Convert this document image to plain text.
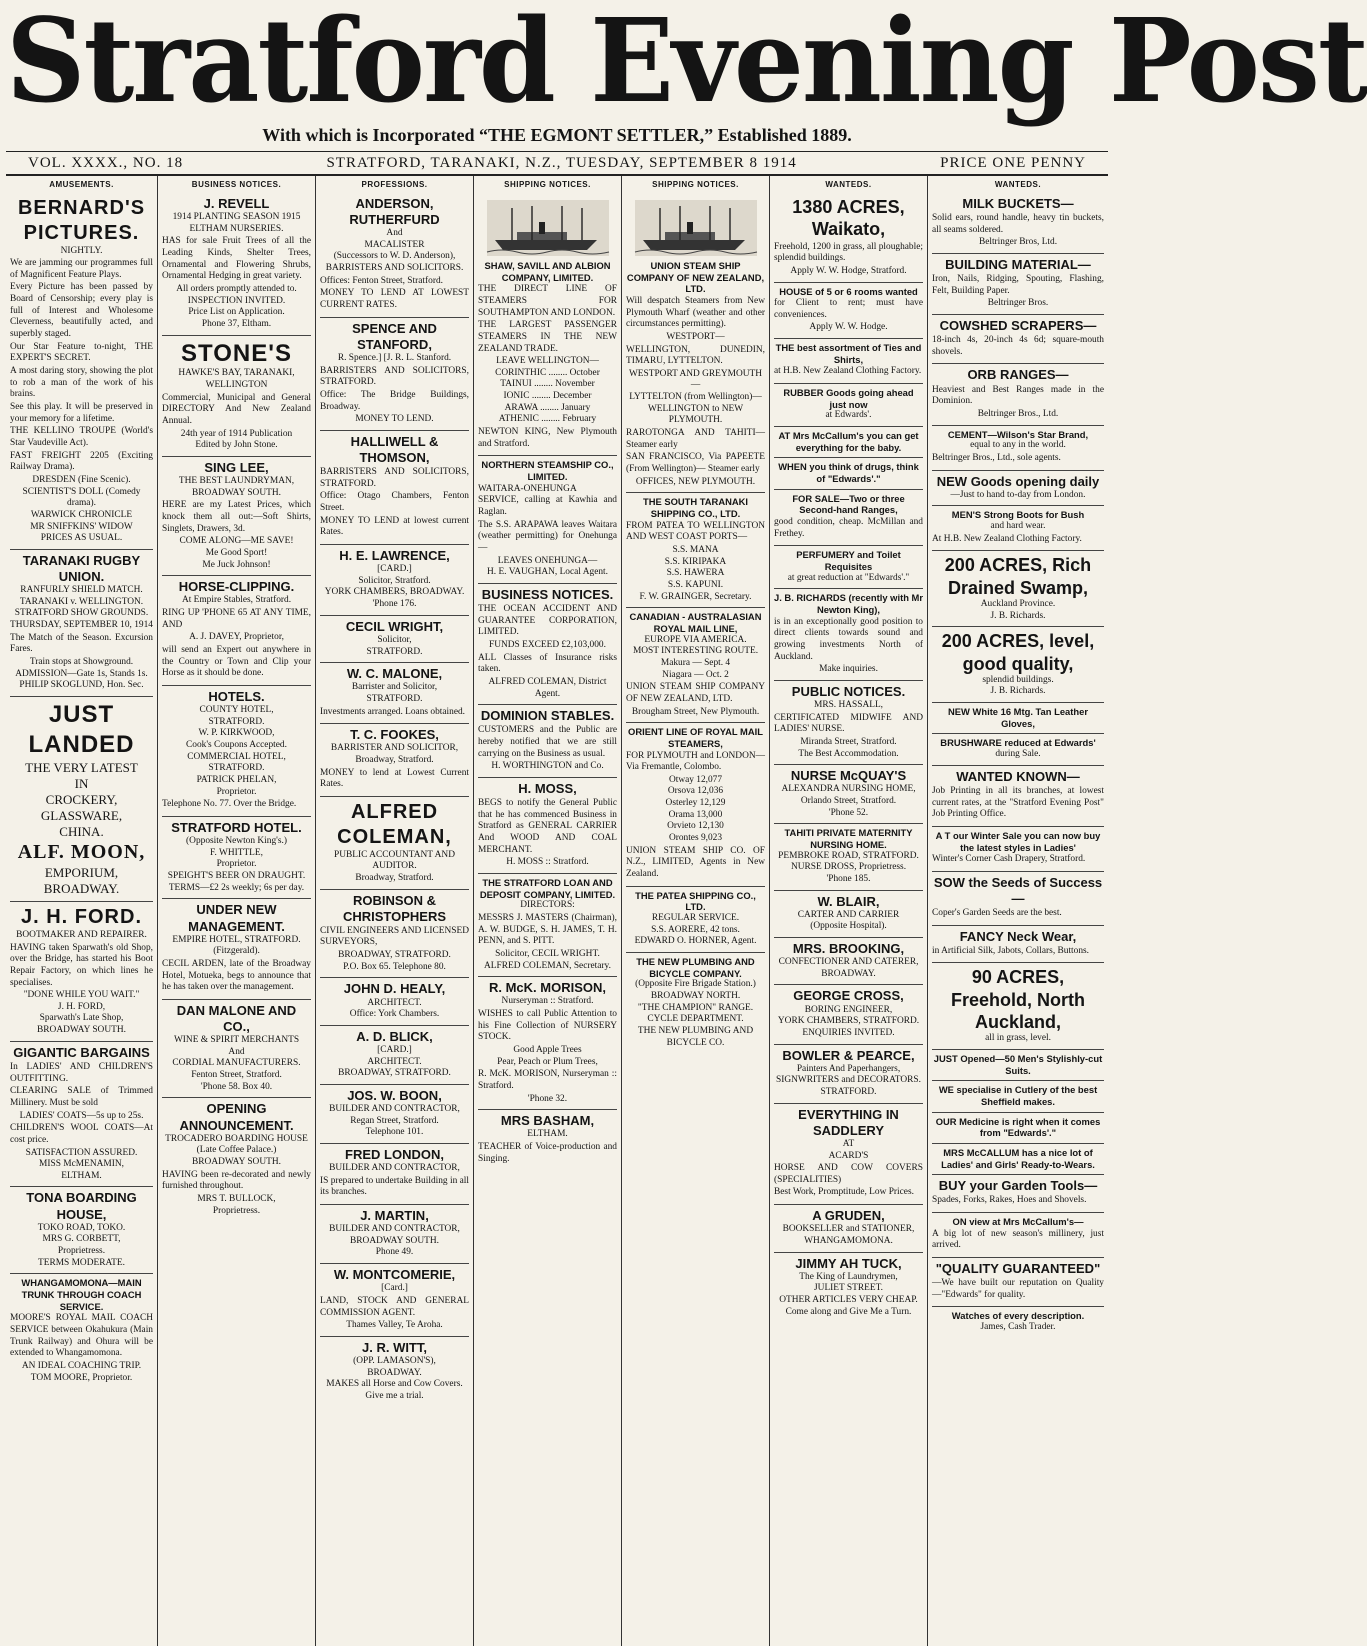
Stratford Evening Post
With which is Incorporated “THE EGMONT SETTLER,” Established 1889.
VOL. XXXX., NO. 18	STRATFORD, TARANAKI, N.Z., TUESDAY, SEPTEMBER 8 1914	PRICE ONE PENNY
AMUSEMENTS.
BERNARD'S PICTURES.
NIGHTLY.
We are jamming our programmes full of Magnificent Feature Plays.
Every Picture has been passed by Board of Censorship; every play is full of Interest and Wholesome Cleverness, beautifully acted, and superbly staged.
Our Star Feature to-night, THE EXPERT'S SECRET.
A most daring story, showing the plot to rob a man of the work of his brains.
See this play. It will be preserved in your memory for a lifetime.
THE KELLINO TROUPE (World's Star Vaudeville Act).
FAST FREIGHT 2205 (Exciting Railway Drama).
DRESDEN (Fine Scenic).
SCIENTIST'S DOLL (Comedy drama).
WARWICK CHRONICLE
MR SNIFFKINS' WIDOW
PRICES AS USUAL.
TARANAKI RUGBY UNION.
RANFURLY SHIELD MATCH.
TARANAKI v. WELLINGTON.
STRATFORD SHOW GROUNDS.
THURSDAY, SEPTEMBER 10, 1914
The Match of the Season. Excursion Fares.
Train stops at Showground.
ADMISSION—Gate 1s, Stands 1s.
PHILIP SKOGLUND, Hon. Sec.
JUST LANDED
THE VERY LATEST
IN
CROCKERY,
GLASSWARE,
CHINA.
ALF. MOON,
EMPORIUM, BROADWAY.
J. H. FORD.
BOOTMAKER AND REPAIRER.
HAVING taken Sparwath's old Shop, over the Bridge, has started his Boot Repair Factory, on which lines he specialises.
"DONE WHILE YOU WAIT."
J. H. FORD,
Sparwath's Late Shop,
BROADWAY SOUTH.
GIGANTIC BARGAINS
In LADIES' AND CHILDREN'S OUTFITTING.
CLEARING SALE of Trimmed Millinery. Must be sold
LADIES' COATS—5s up to 25s.
CHILDREN'S WOOL COATS—At cost price.
SATISFACTION ASSURED.
MISS McMENAMIN,
ELTHAM.
TONA BOARDING HOUSE,
TOKO ROAD, TOKO.
MRS G. CORBETT,
Proprietress.
TERMS MODERATE.
WHANGAMOMONA—MAIN TRUNK THROUGH COACH SERVICE.
MOORE'S ROYAL MAIL COACH SERVICE between Okahukura (Main Trunk Railway) and Ohura will be extended to Whangamomona.
AN IDEAL COACHING TRIP.
TOM MOORE, Proprietor.
BUSINESS NOTICES.
J. REVELL
1914 PLANTING SEASON 1915
ELTHAM NURSERIES.
HAS for sale Fruit Trees of all the Leading Kinds, Shelter Trees, Ornamental and Flowering Shrubs, Ornamental Hedging in great variety.
All orders promptly attended to.
INSPECTION INVITED.
Price List on Application.
Phone 37, Eltham.
STONE'S
HAWKE'S BAY, TARANAKI, WELLINGTON
Commercial, Municipal and General DIRECTORY And New Zealand Annual.
24th year of 1914 Publication
Edited by John Stone.
SING LEE,
THE BEST LAUNDRYMAN,
BROADWAY SOUTH.
HERE are my Latest Prices, which knock them all out:—Soft Shirts, Singlets, Drawers, 3d.
COME ALONG—ME SAVE!
Me Good Sport!
Me Juck Johnson!
HORSE-CLIPPING.
At Empire Stables, Stratford.
RING UP 'PHONE 65 AT ANY TIME, AND
A. J. DAVEY, Proprietor,
will send an Expert out anywhere in the Country or Town and Clip your Horse as it should be done.
HOTELS.
COUNTY HOTEL,
STRATFORD.
W. P. KIRKWOOD,
Cook's Coupons Accepted.
COMMERCIAL HOTEL, STRATFORD.
PATRICK PHELAN,
Proprietor.
Telephone No. 77. Over the Bridge.
STRATFORD HOTEL.
(Opposite Newton King's.)
F. WHITTLE,
Proprietor.
SPEIGHT'S BEER ON DRAUGHT.
TERMS—£2 2s weekly; 6s per day.
UNDER NEW MANAGEMENT.
EMPIRE HOTEL, STRATFORD.
(Fitzgerald).
CECIL ARDEN, late of the Broadway Hotel, Motueka, begs to announce that he has taken over the management.
DAN MALONE AND CO.,
WINE & SPIRIT MERCHANTS
And
CORDIAL MANUFACTURERS.
Fenton Street, Stratford.
'Phone 58. Box 40.
OPENING ANNOUNCEMENT.
TROCADERO BOARDING HOUSE
(Late Coffee Palace.)
BROADWAY SOUTH.
HAVING been re-decorated and newly furnished throughout.
MRS T. BULLOCK,
Proprietress.
PROFESSIONS.
ANDERSON, RUTHERFURD
And
MACALISTER
(Successors to W. D. Anderson),
BARRISTERS AND SOLICITORS.
Offices: Fenton Street, Stratford.
MONEY TO LEND AT LOWEST CURRENT RATES.
SPENCE AND STANFORD,
R. Spence.] [J. R. L. Stanford.
BARRISTERS AND SOLICITORS, STRATFORD.
Office: The Bridge Buildings, Broadway.
MONEY TO LEND.
HALLIWELL & THOMSON,
BARRISTERS AND SOLICITORS, STRATFORD.
Office: Otago Chambers, Fenton Street.
MONEY TO LEND at lowest current Rates.
H. E. LAWRENCE,
[CARD.]
Solicitor, Stratford.
YORK CHAMBERS, BROADWAY.
'Phone 176.
CECIL WRIGHT,
Solicitor,
STRATFORD.
W. C. MALONE,
Barrister and Solicitor,
STRATFORD.
Investments arranged. Loans obtained.
T. C. FOOKES,
BARRISTER AND SOLICITOR,
Broadway, Stratford.
MONEY to lend at Lowest Current Rates.
ALFRED COLEMAN,
PUBLIC ACCOUNTANT AND AUDITOR.
Broadway, Stratford.
ROBINSON & CHRISTOPHERS
CIVIL ENGINEERS AND LICENSED SURVEYORS,
BROADWAY, STRATFORD.
P.O. Box 65. Telephone 80.
JOHN D. HEALY,
ARCHITECT.
Office: York Chambers.
A. D. BLICK,
[CARD.]
ARCHITECT.
BROADWAY, STRATFORD.
JOS. W. BOON,
BUILDER AND CONTRACTOR,
Regan Street, Stratford.
Telephone 101.
FRED LONDON,
BUILDER AND CONTRACTOR,
IS prepared to undertake Building in all its branches.
J. MARTIN,
BUILDER AND CONTRACTOR,
BROADWAY SOUTH.
Phone 49.
W. MONTCOMERIE,
[Card.]
LAND, STOCK AND GENERAL COMMISSION AGENT.
Thames Valley, Te Aroha.
J. R. WITT,
(OPP. LAMASON'S),
BROADWAY.
MAKES all Horse and Cow Covers.
Give me a trial.
SHIPPING NOTICES.
SHAW, SAVILL AND ALBION COMPANY, LIMITED.
THE DIRECT LINE OF STEAMERS FOR SOUTHAMPTON AND LONDON.
THE LARGEST PASSENGER STEAMERS IN THE NEW ZEALAND TRADE.
LEAVE WELLINGTON—
CORINTHIC ........ October
TAINUI ........ November
IONIC ........ December
ARAWA ........ January
ATHENIC ........ February
NEWTON KING, New Plymouth and Stratford.
NORTHERN STEAMSHIP CO., LIMITED.
WAITARA-ONEHUNGA SERVICE, calling at Kawhia and Raglan.
The S.S. ARAPAWA leaves Waitara (weather permitting) for Onehunga—
LEAVES ONEHUNGA—
H. E. VAUGHAN, Local Agent.
BUSINESS NOTICES.
THE OCEAN ACCIDENT AND GUARANTEE CORPORATION, LIMITED.
FUNDS EXCEED £2,103,000.
ALL Classes of Insurance risks taken.
ALFRED COLEMAN, District Agent.
DOMINION STABLES.
CUSTOMERS and the Public are hereby notified that we are still carrying on the Business as usual.
H. WORTHINGTON and Co.
H. MOSS,
BEGS to notify the General Public that he has commenced Business in Stratford as GENERAL CARRIER And WOOD AND COAL MERCHANT.
H. MOSS :: Stratford.
THE STRATFORD LOAN AND DEPOSIT COMPANY, LIMITED.
DIRECTORS:
MESSRS J. MASTERS (Chairman), A. W. BUDGE, S. H. JAMES, T. H. PENN, and S. PITT.
Solicitor, CECIL WRIGHT.
ALFRED COLEMAN, Secretary.
R. McK. MORISON,
Nurseryman :: Stratford.
WISHES to call Public Attention to his Fine Collection of NURSERY STOCK.
Good Apple Trees
Pear, Peach or Plum Trees,
R. McK. MORISON, Nurseryman :: Stratford.
'Phone 32.
MRS BASHAM,
ELTHAM.
TEACHER of Voice-production and Singing.
SHIPPING NOTICES.
UNION STEAM SHIP COMPANY OF NEW ZEALAND, LTD.
Will despatch Steamers from New Plymouth Wharf (weather and other circumstances permitting).
WESTPORT—
WELLINGTON, DUNEDIN, TIMARU, LYTTELTON.
WESTPORT AND GREYMOUTH—
LYTTELTON (from Wellington)—
WELLINGTON to NEW PLYMOUTH.
RAROTONGA AND TAHITI— Steamer early
SAN FRANCISCO, Via PAPEETE (From Wellington)— Steamer early
OFFICES, NEW PLYMOUTH.
THE SOUTH TARANAKI SHIPPING CO., LTD.
FROM PATEA TO WELLINGTON AND WEST COAST PORTS—
S.S. MANA
S.S. KIRIPAKA
S.S. HAWERA
S.S. KAPUNI.
F. W. GRAINGER, Secretary.
CANADIAN - AUSTRALASIAN ROYAL MAIL LINE,
EUROPE VIA AMERICA.
MOST INTERESTING ROUTE.
Makura — Sept. 4
Niagara — Oct. 2
UNION STEAM SHIP COMPANY OF NEW ZEALAND, LTD.
Brougham Street, New Plymouth.
ORIENT LINE OF ROYAL MAIL STEAMERS,
FOR PLYMOUTH and LONDON— Via Fremantle, Colombo.
Otway 12,077
Orsova 12,036
Osterley 12,129
Orama 13,000
Orvieto 12,130
Orontes 9,023
UNION STEAM SHIP CO. OF N.Z., LIMITED, Agents in New Zealand.
THE PATEA SHIPPING CO., LTD.
REGULAR SERVICE.
S.S. AORERE, 42 tons.
EDWARD O. HORNER, Agent.
THE NEW PLUMBING AND BICYCLE COMPANY.
(Opposite Fire Brigade Station.)
BROADWAY NORTH.
"THE CHAMPION" RANGE.
CYCLE DEPARTMENT.
THE NEW PLUMBING AND BICYCLE CO.
WANTEDS.
1380 ACRES, Waikato,
Freehold, 1200 in grass, all ploughable; splendid buildings.
Apply W. W. Hodge, Stratford.
HOUSE of 5 or 6 rooms wanted
for Client to rent; must have conveniences.
Apply W. W. Hodge.
THE best assortment of Ties and Shirts,
at H.B. New Zealand Clothing Factory.
RUBBER Goods going ahead just now
at Edwards'.
AT Mrs McCallum's you can get everything for the baby.
WHEN you think of drugs, think of "Edwards'."
FOR SALE—Two or three Second-hand Ranges,
good condition, cheap. McMillan and Frethey.
PERFUMERY and Toilet Requisites
at great reduction at "Edwards'."
J. B. RICHARDS (recently with Mr Newton King),
is in an exceptionally good position to direct clients towards sound and growing investments North of Auckland.
Make inquiries.
PUBLIC NOTICES.
MRS. HASSALL,
CERTIFICATED MIDWIFE AND LADIES' NURSE.
Miranda Street, Stratford.
The Best Accommodation.
NURSE McQUAY'S
ALEXANDRA NURSING HOME,
Orlando Street, Stratford.
'Phone 52.
TAHITI PRIVATE MATERNITY NURSING HOME.
PEMBROKE ROAD, STRATFORD.
NURSE DROSS, Proprietress.
'Phone 185.
W. BLAIR,
CARTER AND CARRIER
(Opposite Hospital).
MRS. BROOKING,
CONFECTIONER AND CATERER,
BROADWAY.
GEORGE CROSS,
BORING ENGINEER,
YORK CHAMBERS, STRATFORD.
ENQUIRIES INVITED.
BOWLER & PEARCE,
Painters And Paperhangers,
SIGNWRITERS and DECORATORS.
STRATFORD.
EVERYTHING IN SADDLERY
AT
ACARD'S
HORSE AND COW COVERS (SPECIALITIES)
Best Work, Promptitude, Low Prices.
A GRUDEN,
BOOKSELLER and STATIONER,
WHANGAMOMONA.
JIMMY AH TUCK,
The King of Laundrymen,
JULIET STREET.
OTHER ARTICLES VERY CHEAP.
Come along and Give Me a Turn.
WANTEDS.
MILK BUCKETS—
Solid ears, round handle, heavy tin buckets, all seams soldered.
Beltringer Bros, Ltd.
BUILDING MATERIAL—
Iron, Nails, Ridging, Spouting, Flashing, Felt, Building Paper.
Beltringer Bros.
COWSHED SCRAPERS—
18-inch 4s, 20-inch 4s 6d; square-mouth shovels.
ORB RANGES—
Heaviest and Best Ranges made in the Dominion.
Beltringer Bros., Ltd.
CEMENT—Wilson's Star Brand,
equal to any in the world.
Beltringer Bros., Ltd., sole agents.
NEW Goods opening daily
—Just to hand to-day from London.
MEN'S Strong Boots for Bush
and hard wear.
At H.B. New Zealand Clothing Factory.
200 ACRES, Rich Drained Swamp,
Auckland Province.
J. B. Richards.
200 ACRES, level, good quality,
splendid buildings.
J. B. Richards.
NEW White 16 Mtg. Tan Leather Gloves,
BRUSHWARE reduced at Edwards'
during Sale.
WANTED KNOWN—
Job Printing in all its branches, at lowest current rates, at the "Stratford Evening Post" Job Printing Office.
A T our Winter Sale you can now buy the latest styles in Ladies'
Winter's Corner Cash Drapery, Stratford.
SOW the Seeds of Success—
Coper's Garden Seeds are the best.
FANCY Neck Wear,
in Artificial Silk, Jabots, Collars, Buttons.
90 ACRES, Freehold, North Auckland,
all in grass, level.
JUST Opened—50 Men's Stylishly-cut Suits.
WE specialise in Cutlery of the best Sheffield makes.
OUR Medicine is right when it comes from "Edwards'."
MRS McCALLUM has a nice lot of Ladies' and Girls' Ready-to-Wears.
BUY your Garden Tools—
Spades, Forks, Rakes, Hoes and Shovels.
ON view at Mrs McCallum's—
A big lot of new season's millinery, just arrived.
"QUALITY GUARANTEED"
—We have built our reputation on Quality—"Edwards" for quality.
Watches of every description.
James, Cash Trader.
